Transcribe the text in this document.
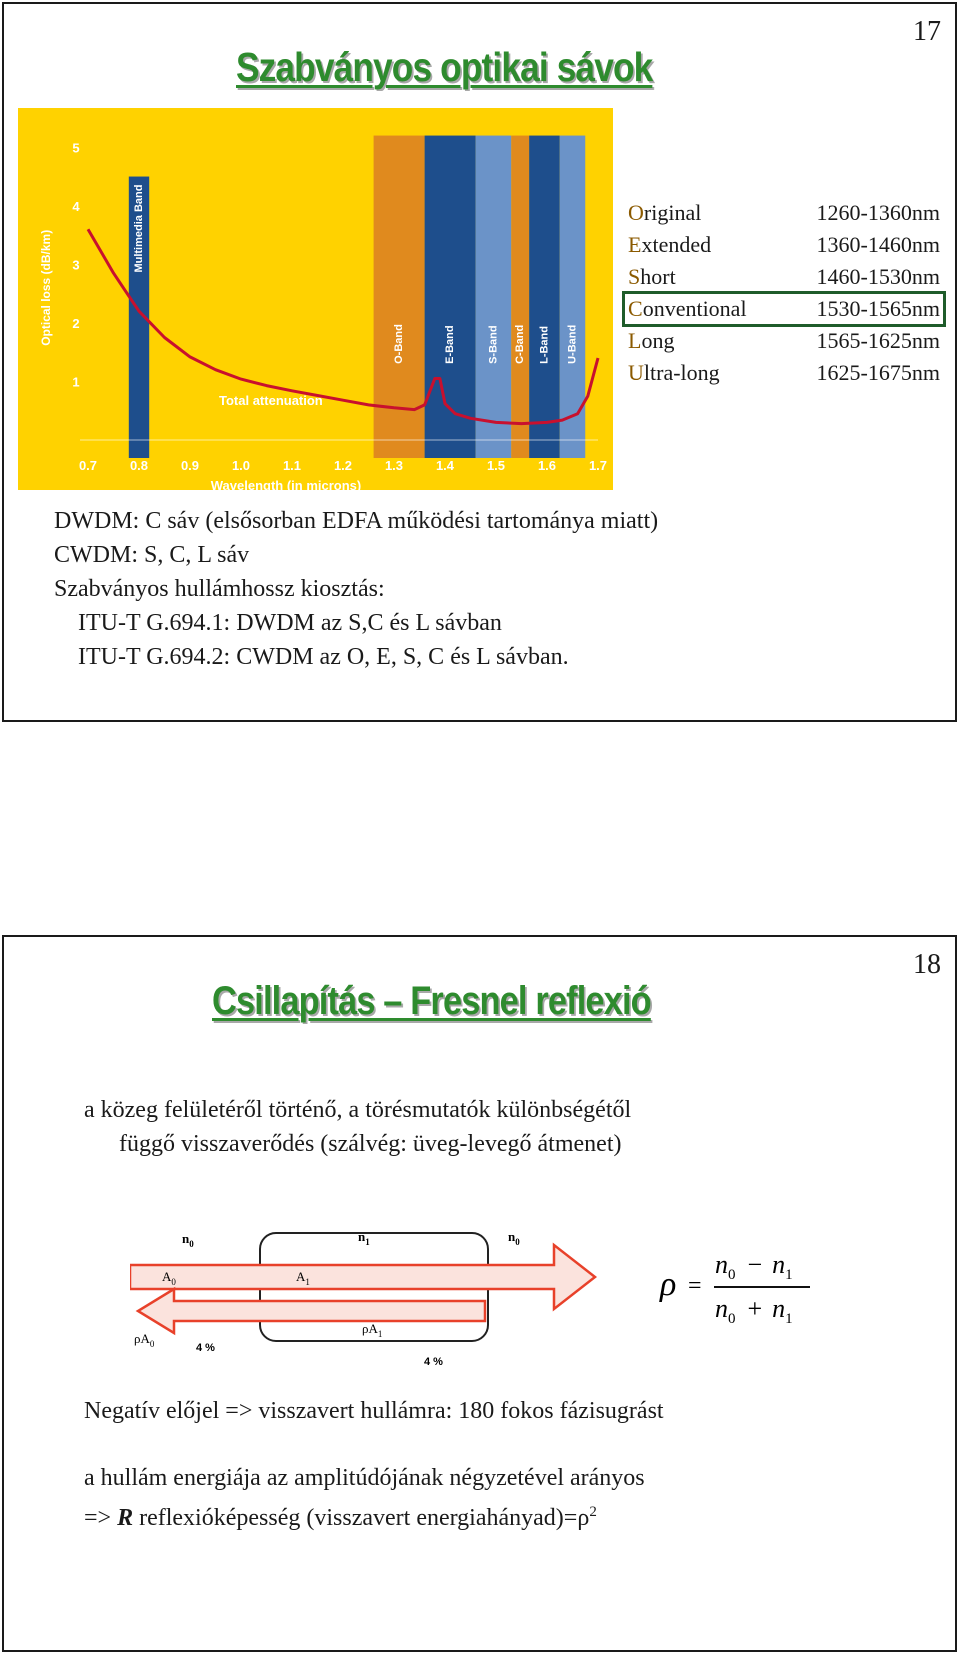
17
Szabványos optikai sávok
Multimedia Band
O-Band	E-Band	S-Band C-Band L-Band U-Band
Total attenuation
1
2
3
4
5
0.7	0.8	0.9	1.0	1.1	1.2	1.3	1.4	1.5	1.6	1.7
Wavelength (in microns)
Optical loss (dB/km)
Original	1260-1360nm
Extended	1360-1460nm
Short	1460-1530nm
Conventional	1530-1565nm
Long	1565-1625nm
Ultra-long	1625-1675nm
DWDM: C sáv (elsősorban EDFA működési tartománya miatt)
CWDM: S, C, L sáv
Szabványos hullámhossz kiosztás:
ITU-T G.694.1: DWDM az S,C és L sávban
ITU-T G.694.2: CWDM az O, E, S, C és L sávban.
18
Csillapítás – Fresnel reflexió
a közeg felületéről történő, a törésmutatók különbségétől
függő visszaverődés (szálvég: üveg-levegő átmenet)
Negatív előjel => visszavert hullámra: 180 fokos fázisugrást
a hullám energiája az amplitúdójának négyzetével arányos
=> R reflexióképesség (visszavert $energiahányad)=\rho^2$
$n_0$	$n_1$	$n_0$
$A_0$	$A_1$
$\rho A_0$
$\rho A_1$
4 %
4 %
ρ =
$n_0 - n_1$
$n_0 + n_1$
